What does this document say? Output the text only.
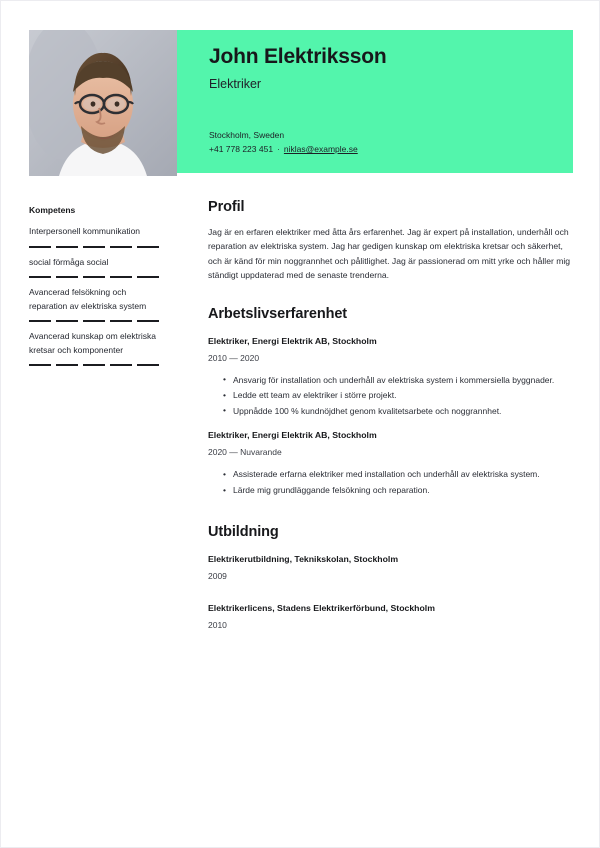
John Elektriksson
Elektriker
Stockholm, Sweden
+41 778 223 451 · niklas@example.se
Kompetens
Interpersonell kommunikation
social förmåga social
Avancerad felsökning och reparation av elektriska system
Avancerad kunskap om elektriska kretsar och komponenter
Profil
Jag är en erfaren elektriker med åtta års erfarenhet. Jag är expert på installation, underhåll och reparation av elektriska system. Jag har gedigen kunskap om elektriska kretsar och säkerhet, och är känd för min noggrannhet och pålitlighet. Jag är passionerad om mitt yrke och håller mig ständigt uppdaterad med de senaste trenderna.
Arbetslivserfarenhet
Elektriker, Energi Elektrik AB, Stockholm
2010 — 2020
• Ansvarig för installation och underhåll av elektriska system i kommersiella byggnader.
• Ledde ett team av elektriker i större projekt.
• Uppnådde 100 % kundnöjdhet genom kvalitetsarbete och noggrannhet.
Elektriker, Energi Elektrik AB, Stockholm
2020 — Nuvarande
• Assisterade erfarna elektriker med installation och underhåll av elektriska system.
• Lärde mig grundläggande felsökning och reparation.
Utbildning
Elektrikerutbildning, Teknikskolan, Stockholm
2009
Elektrikerlicens, Stadens Elektrikerförbund, Stockholm
2010
